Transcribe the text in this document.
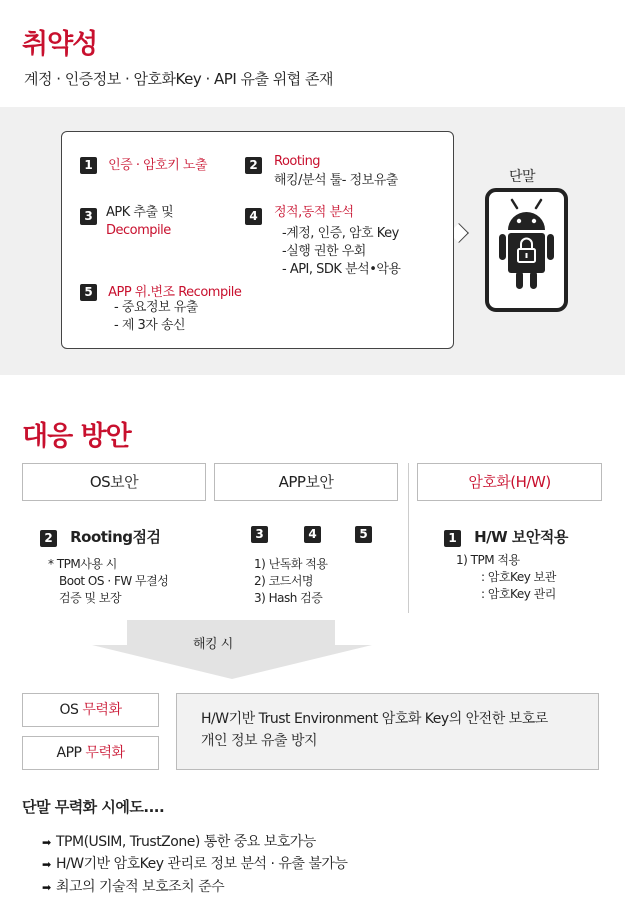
취약성
계정 · 인증정보 · 암호화Key · API 유출 위협 존재
1 인증 · 암호키 노출	2	Rooting
해킹/분석 툴- 정보유출
3	APK 추출 및
Decompile
4	정적,동적 분석
-계정, 인증, 암호 Key
-실행 권한 우회
- API, SDK 분석•악용
5 APP 위.변조 Recompile
- 중요정보 유출
- 제 3자 송신
단말
대응 방안
OS보안	APP보안	암호화(H/W)
2 Rooting점검
* TPM사용 시
Boot OS · FW 무결성
검증 및 보장
3	4	5
1) 난독화 적용
2) 코드서명
3) Hash 검증
1 H/W 보안적용
1) TPM 적용
: 암호Key 보관
: 암호Key 관리
해킹 시
OS 무력화
APP 무력화
H/W기반 Trust Environment 암호화 Key의 안전한 보호로
개인 정보 유출 방지
단말 무력화 시에도....
➡ TPM(USIM, TrustZone) 통한 중요 보호가능
➡ H/W기반 암호Key 관리로 정보 분석 · 유출 불가능
➡ 최고의 기술적 보호조치 준수
